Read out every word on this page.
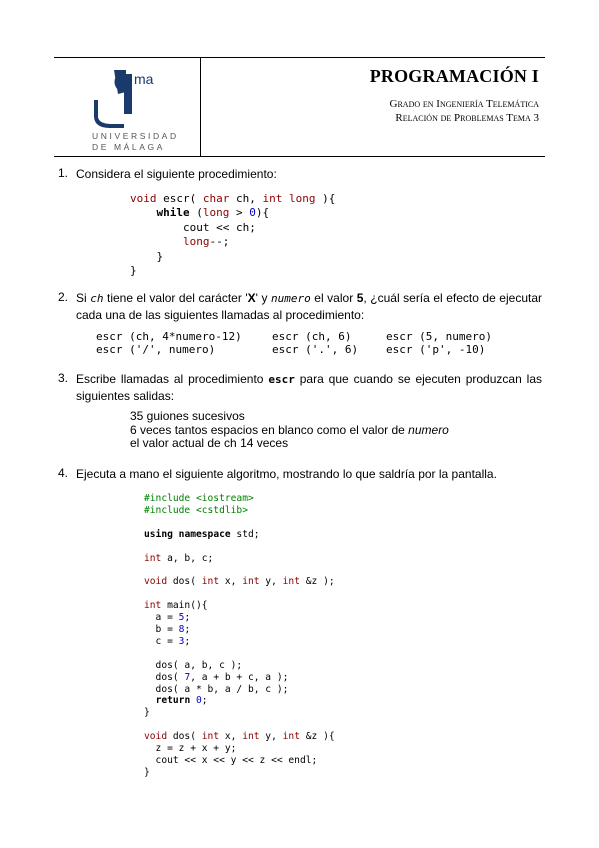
ma
UNIVERSIDAD
DE MÁLAGA
PROGRAMACIÓN I
Grado en Ingeniería Telemática
Relación de Problemas Tema 3
1. Considera el siguiente procedimiento:
void escr( char ch, int long ){
while (long > 0){
cout << ch;
long--;
}
}
2. Si ch tiene el valor del carácter 'X' y numero el valor 5, ¿cuál sería el efecto de ejecutar cada una de las siguientes llamadas al procedimiento:
escr (ch, 4*numero-12)	escr (ch, 6)	escr (5, numero)
escr ('/', numero)	escr ('.', 6)	escr ('p', -10)
3. Escribe llamadas al procedimiento escr para que cuando se ejecuten produzcan las siguientes salidas:
35 guiones sucesivos
6 veces tantos espacios en blanco como el valor de numero
el valor actual de ch 14 veces
4. Ejecuta a mano el siguiente algoritmo, mostrando lo que saldría por la pantalla.
#include <iostream>
#include <cstdlib>

using namespace std;

int a, b, c;

void dos( int x, int y, int &z );

int main(){
a = 5;
b = 8;
c = 3;

dos( a, b, c );
dos( 7, a + b + c, a );
dos( a * b, a / b, c );
return 0;
}

void dos( int x, int y, int &z ){
z = z + x + y;
cout << x << y << z << endl;
}
